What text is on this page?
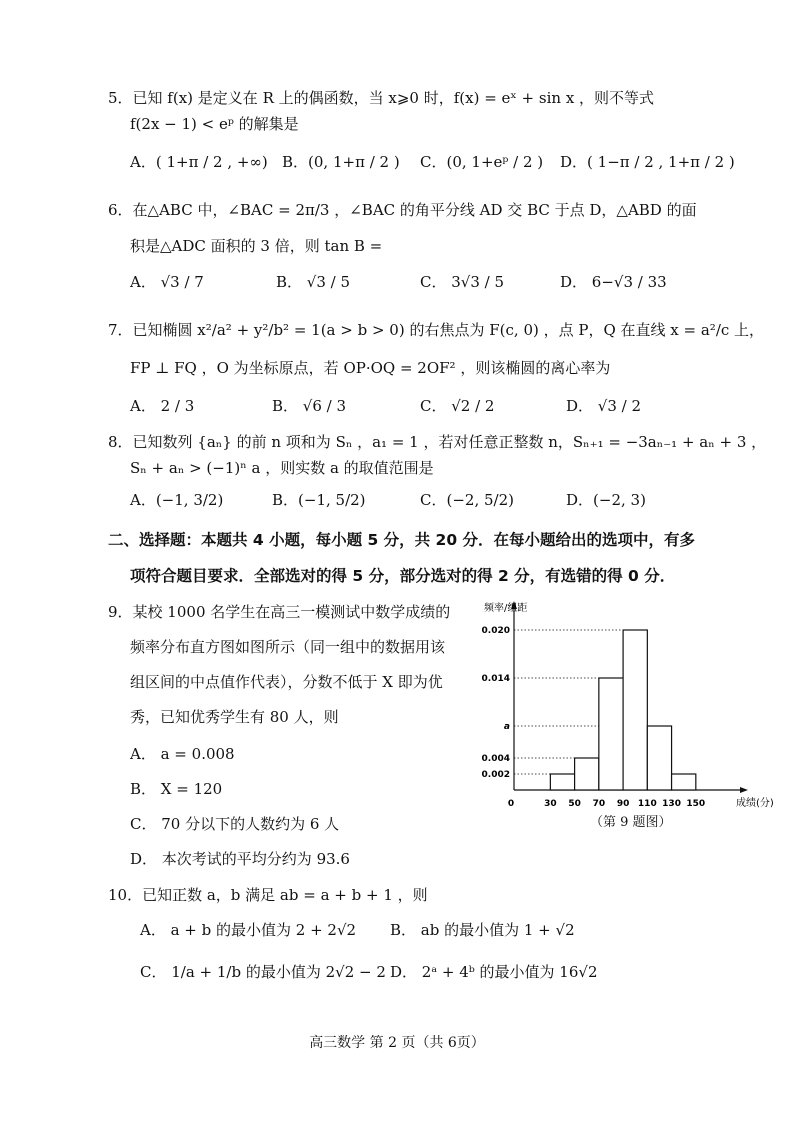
5．已知 f(x) 是定义在 R 上的偶函数，当 x⩾0 时，f(x) = eˣ + sin x ，则不等式
f(2x − 1) < eᵖ 的解集是
A．( 1+π / 2 , +∞) B．(0, 1+π / 2 ) C．(0, 1+eᵖ / 2 ) D．( 1−π / 2 , 1+π / 2 )
6．在△ABC 中，∠BAC = 2π/3 ，∠BAC 的角平分线 AD 交 BC 于点 D，△ABD 的面
积是△ADC 面积的 3 倍，则 tan B =
A． √3 / 7	B． √3 / 5	C． 3√3 / 5	D． 6−√3 / 33
7．已知椭圆 x²/a² + y²/b² = 1(a > b > 0) 的右焦点为 F(c, 0) ，点 P，Q 在直线 x = a²/c 上，
FP ⊥ FQ ，O 为坐标原点，若 OP·OQ = 2OF² ，则该椭圆的离心率为
A． 2 / 3	B． √6 / 3	C． √2 / 2	D． √3 / 2
8．已知数列 {aₙ} 的前 n 项和为 Sₙ ，a₁ = 1 ，若对任意正整数 n，Sₙ₊₁ = −3aₙ₋₁ + aₙ + 3 ，
Sₙ + aₙ > (−1)ⁿ a ，则实数 a 的取值范围是
A．(−1, 3/2)	B．(−1, 5/2)	C．(−2, 5/2)	D．(−2, 3)
二、选择题：本题共 4 小题，每小题 5 分，共 20 分．在每小题给出的选项中，有多
项符合题目要求．全部选对的得 5 分，部分选对的得 2 分，有选错的得 0 分．
9．某校 1000 名学生在高三一模测试中数学成绩的
频率分布直方图如图所示（同一组中的数据用该
组区间的中点值作代表），分数不低于 X 即为优
秀，已知优秀学生有 80 人，则
A． a = 0.008
B． X = 120
C． 70 分以下的人数约为 6 人
D． 本次考试的平均分约为 93.6
频率/组距
成绩(分)
0
0.020
0.014
a
0.004
0.002
30 50 70 90 110 130 150
（第 9 题图）
10．已知正数 a，b 满足 ab = a + b + 1 ，则
A． a + b 的最小值为 2 + 2√2 B． ab 的最小值为 1 + √2
C． 1/a + 1/b 的最小值为 2√2 − 2 D． 2ᵃ + 4ᵇ 的最小值为 16√2
高三数学 第 2 页（共 6页）
